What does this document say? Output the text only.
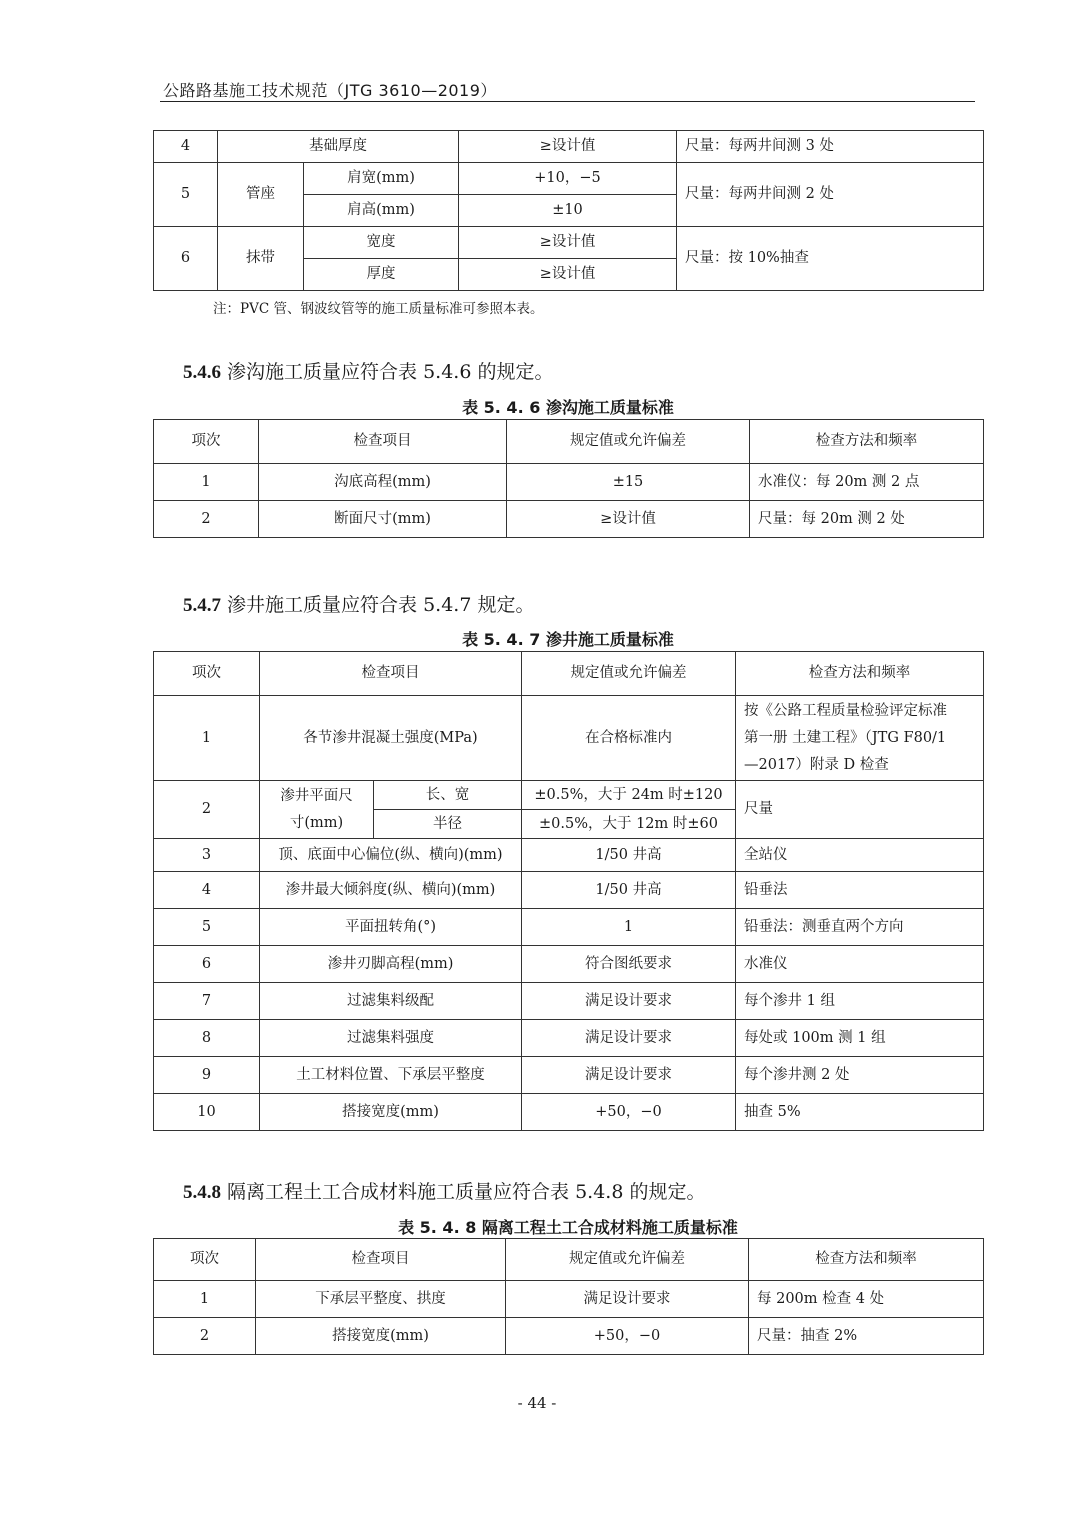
公路路基施工技术规范（JTG 3610—2019）
4	基础厚度		≥设计值	尺量：每两井间测 3 处
5	管座	肩宽(mm)	+10，−5	尺量：每两井间测 2 处
		肩高(mm)	±10	
6	抹带	宽度	≥设计值	尺量：按 10%抽查
		厚度	≥设计值	
注：PVC 管、钢波纹管等的施工质量标准可参照本表。
5.4.6 渗沟施工质量应符合表 5.4.6 的规定。
表 5. 4. 6 渗沟施工质量标准
项次	检查项目	规定值或允许偏差	检查方法和频率
1	沟底高程(mm)	±15	水准仪：每 20m 测 2 点
2	断面尺寸(mm)	≥设计值	尺量：每 20m 测 2 处
5.4.7 渗井施工质量应符合表 5.4.7 规定。
表 5. 4. 7 渗井施工质量标准
项次	检查项目		规定值或允许偏差	检查方法和频率
1	各节渗井混凝土强度(MPa)		在合格标准内	按《公路工程质量检验评定标准
第一册 土建工程》（JTG F80/1
—2017）附录 D 检查

2	渗井平面尺
寸(mm)	长、宽	±0.5%，大于 24m 时±120	尺量
		半径	±0.5%，大于 12m 时±60	
3	顶、底面中心偏位(纵、横向)(mm)		1/50 井高	全站仪
4	渗井最大倾斜度(纵、横向)(mm)		1/50 井高	铅垂法
5	平面扭转角(°)		1	铅垂法：测垂直两个方向
6	渗井刃脚高程(mm)		符合图纸要求	水准仪
7	过滤集料级配		满足设计要求	每个渗井 1 组
8	过滤集料强度		满足设计要求	每处或 100m 测 1 组
9	土工材料位置、下承层平整度		满足设计要求	每个渗井测 2 处
10	搭接宽度(mm)		+50，−0	抽查 5%
5.4.8 隔离工程土工合成材料施工质量应符合表 5.4.8 的规定。
表 5. 4. 8 隔离工程土工合成材料施工质量标准
项次	检查项目	规定值或允许偏差	检查方法和频率
1	下承层平整度、拱度	满足设计要求	每 200m 检查 4 处
2	搭接宽度(mm)	+50，−0	尺量：抽查 2%
- 44 -
